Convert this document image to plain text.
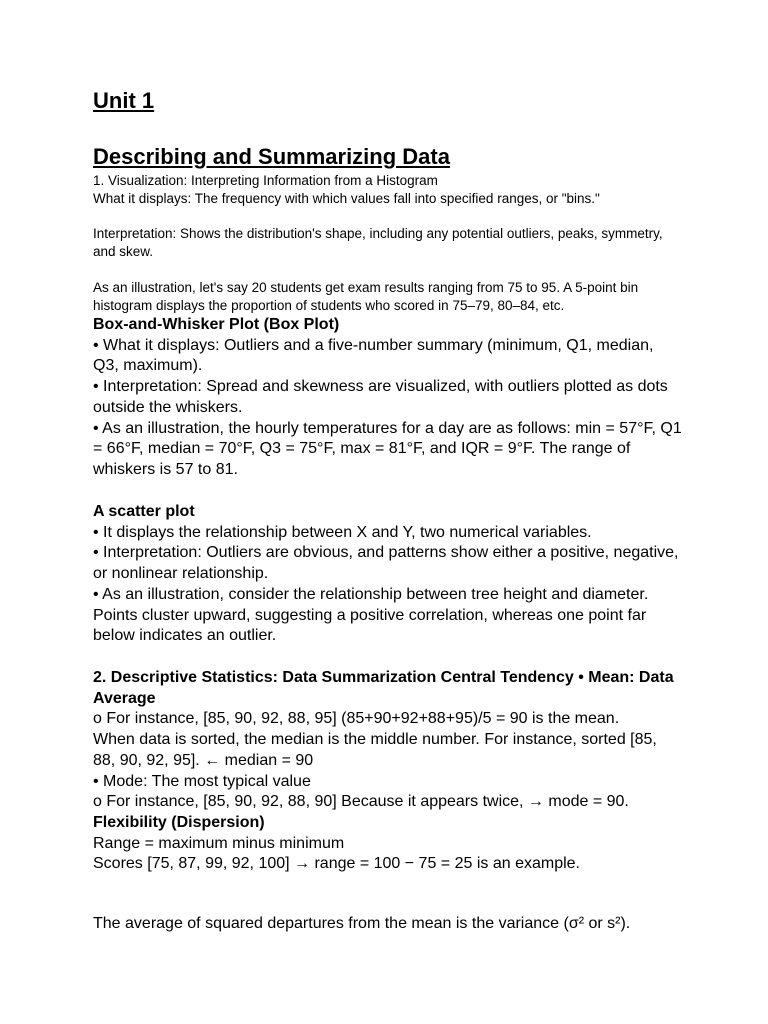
Unit 1
Describing and Summarizing Data

1. Visualization: Interpreting Information from a Histogram

What it displays: The frequency with which values fall into specified ranges, or "bins."

Interpretation: Shows the distribution's shape, including any potential outliers, peaks, symmetry, and skew.
As an illustration, let's say 20 students get exam results ranging from 75 to 95. A 5-point bin histogram displays the proportion of students who scored in 75–79, 80–84, etc.

Box-and-Whisker Plot (Box Plot)

• What it displays: Outliers and a five-number summary (minimum, Q1, median, Q3, maximum).

• Interpretation: Spread and skewness are visualized, with outliers plotted as dots outside the whiskers.

• As an illustration, the hourly temperatures for a day are as follows: min = 57°F, Q1 = 66°F, median = 70°F, Q3 = 75°F, max = 81°F, and IQR = 9°F. The range of whiskers is 57 to 81.

A scatter plot

• It displays the relationship between X and Y, two numerical variables.

• Interpretation: Outliers are obvious, and patterns show either a positive, negative, or nonlinear relationship.

• As an illustration, consider the relationship between tree height and diameter. Points cluster upward, suggesting a positive correlation, whereas one point far below indicates an outlier.

2. Descriptive Statistics: Data Summarization Central Tendency • Mean: Data Average

o For instance, [85, 90, 92, 88, 95] (85+90+92+88+95)/5 = 90 is the mean.

When data is sorted, the median is the middle number. For instance, sorted [85, 88, 90, 92, 95]. ← median = 90

• Mode: The most typical value

o For instance, [85, 90, 92, 88, 90] Because it appears twice, → mode = 90.

Flexibility (Dispersion)

Range = maximum minus minimum

Scores [75, 87, 99, 92, 100] → range = 100 − 75 = 25 is an example.

The average of squared departures from the mean is the variance (σ² or s²).
